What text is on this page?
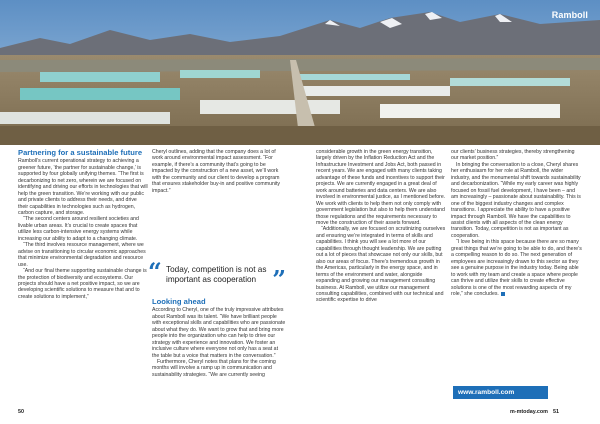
Ramboll
Partnering for a sustainable future

Ramboll’s current operational strategy to achieving a greener future, ‘the partner for sustainable change,’ is supported by four globally unifying themes. “The first is decarbonizing to net zero, wherein we are focused on identifying and driving our efforts in technologies that will help the green transition. We’re working with our public and private clients to address their needs, and drive their capabilities in technologies such as hydrogen, carbon capture, and storage.

“The second centers around resilient societies and livable urban areas. It’s crucial to create spaces that utilize less carbon-intensive energy systems while increasing our ability to adapt to a changing climate.

“The third involves resource management, where we advise on transitioning to circular economic approaches that minimize environmental degradation and resource use.

“And our final theme supporting sustainable change is the protection of biodiversity and ecosystems. Our projects should have a net positive impact, so we are developing scientific solutions to measure that and to create solutions to implement,”

Cheryl outlines, adding that the company does a lot of work around environmental impact assessment. “For example, if there’s a community that’s going to be impacted by the construction of a new asset, we’ll work with the community and our client to develop a program that ensures stakeholder buy-in and positive community impact.”

“ Today, competition is not as important as cooperation ”
Looking ahead

According to Cheryl, one of the truly impressive attributes about Ramboll was its talent. “We have brilliant people with exceptional skills and capabilities who are passionate about what they do. We want to grow that and bring more people into the organization who can help to drive our strategy with experience and innovation. We foster an inclusive culture where everyone not only has a seat at the table but a voice that matters in the conversation.”

Furthermore, Cheryl notes that plans for the coming months will involve a ramp up in communication and sustainability strategies. “We are currently seeing

considerable growth in the green energy transition, largely driven by the Inflation Reduction Act and the Infrastructure Investment and Jobs Act, both passed in recent years. We are engaged with many clients taking advantage of these funds and incentives to support their projects. We are currently engaged in a great deal of work around batteries and data centers. We are also involved in environmental justice, as I mentioned before. We work with clients to help them not only comply with government legislation but also to help them understand those regulations and the requirements necessary to move the construction of their assets forward.

“Additionally, we are focused on scrutinizing ourselves and ensuring we’re integrated in terms of skills and capabilities. I think you will see a lot more of our capabilities through thought leadership. We are putting out a lot of pieces that showcase not only our skills, but also our areas of focus. There’s tremendous growth in the Americas, particularly in the energy space, and in terms of the environment and water, alongside expanding and growing our management consulting business. At Ramboll, we utilize our management consulting capabilities, combined with our technical and scientific expertise to drive

our clients’ business strategies, thereby strengthening our market position.”

In bringing the conversation to a close, Cheryl shares her enthusiasm for her role at Ramboll, the wider industry, and the monumental shift towards sustainability and decarbonization. “While my early career was highly focused on fossil fuel development, I have been – and am increasingly – passionate about sustainability. This is one of the biggest industry changes and complex transitions. I appreciate the ability to have a positive impact through Ramboll. We have the capabilities to assist clients with all aspects of the clean energy transition. Today, competition is not as important as cooperation.

“I love being in this space because there are so many great things that we’re going to be able to do, and there’s a compelling reason to do so. The next generation of employees are increasingly drawn to this sector as they see a genuine purpose in the industry today. Being able to work with my team and create a space where people can thrive and utilize their skills to create effective solutions is one of the most rewarding aspects of my role,” she concludes.

www.ramboll.com
50	m-mtoday.com 51
